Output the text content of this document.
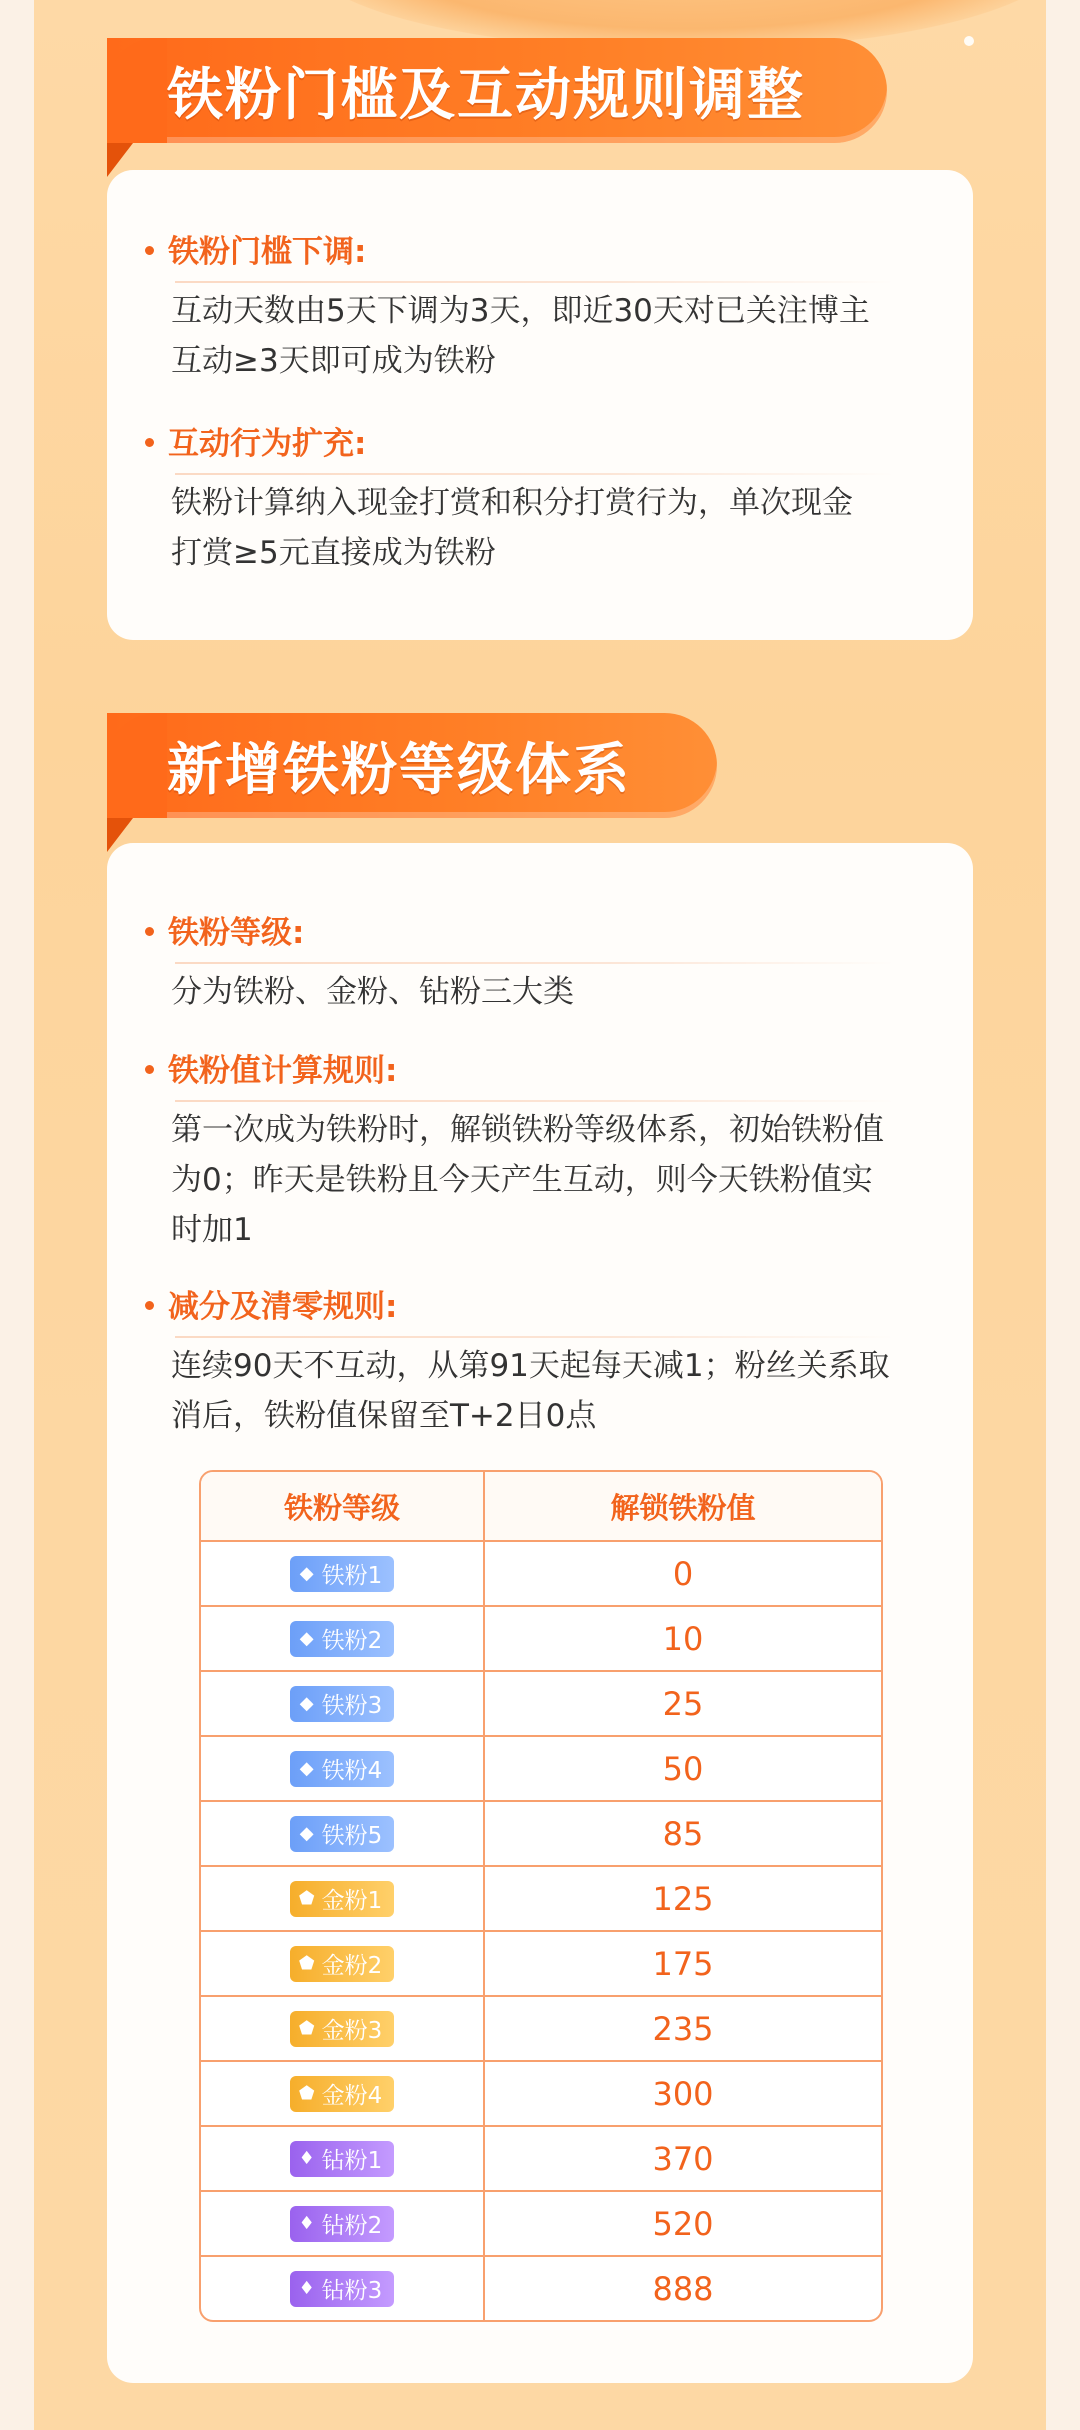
铁粉门槛及互动规则调整
铁粉门槛下调:
互动天数由5天下调为3天，即近30天对已关注博主
互动≥3天即可成为铁粉
互动行为扩充:
铁粉计算纳入现金打赏和积分打赏行为，单次现金
打赏≥5元直接成为铁粉
新增铁粉等级体系
铁粉等级:
分为铁粉、金粉、钻粉三大类
铁粉值计算规则:
第一次成为铁粉时，解锁铁粉等级体系，初始铁粉值
为0；昨天是铁粉且今天产生互动，则今天铁粉值实
时加1
减分及清零规则:
连续90天不互动，从第91天起每天减1；粉丝关系取
消后，铁粉值保留至T+2日0点
铁粉等级	解锁铁粉值

◆ 铁粉1	0

◆ 铁粉2	10

◆ 铁粉3	25

◆ 铁粉4	50

◆ 铁粉5	85

⬟ 金粉1	125

⬟ 金粉2	175

⬟ 金粉3	235

⬟ 金粉4	300

♦ 钻粉1	370

♦ 钻粉2	520

♦ 钻粉3	888
